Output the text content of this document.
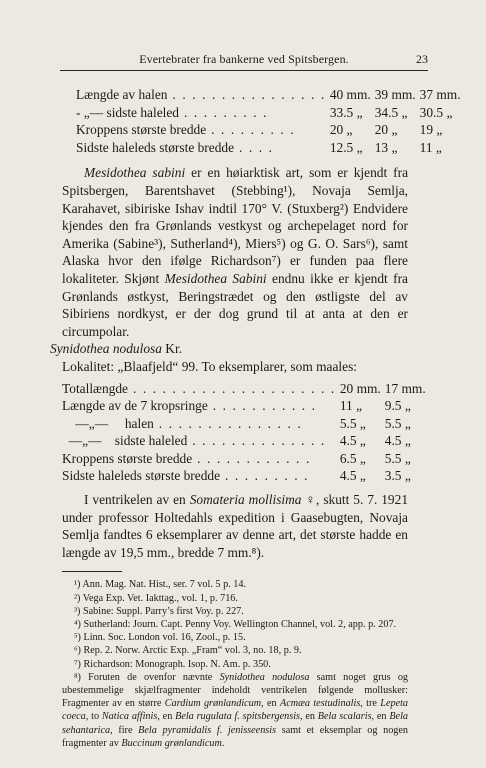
Evertebrater fra bankerne ved Spitsbergen.	23
Længde av halen . . . . . . . . . . . . . . . .	40 mm.	39 mm.	37 mm.
- „— sidste haleled . . . . . . . . .	33.5 „	34.5 „	30.5 „
Kroppens største bredde . . . . . . . . .	20 „	20 „	19 „
Sidste haleleds største bredde . . . .	12.5 „	13 „	11 „

Mesidothea sabini er en høiarktisk art, som er kjendt fra Spitsbergen, Barentshavet (Stebbing¹), Novaja Semlja, Karahavet, sibiriske Ishav indtil 170° V. (Stuxberg²) Endvidere kjendes den fra Grønlands vestkyst og archepelaget nord for Amerika (Sabine³), Sutherland⁴), Miers⁵) og G. O. Sars⁶), samt Alaska hvor den ifølge Richardson⁷) er funden paa flere lokaliteter. Skjønt Mesidothea Sabini endnu ikke er kjendt fra Grønlands østkyst, Beringstrædet og den østligste del av Sibiriens nordkyst, er der dog grund til at anta at den er circumpolar.

Synidothea nodulosa Kr.

Lokalitet: „Blaafjeld“ 99. To eksemplarer, som maales:

Totallængde . . . . . . . . . . . . . . . . . . . . .	20 mm.	17 mm.
Længde av de 7 kropsringe . . . . . . . . . . .	11 „	9.5 „
—„—     halen . . . . . . . . . . . . . . .	5.5 „	5.5 „
—„—    sidste haleled . . . . . . . . . . . . . .	4.5 „	4.5 „
Kroppens største bredde . . . . . . . . . . . .	6.5 „	5.5 „
Sidste haleleds største bredde . . . . . . . . .	4.5 „	3.5 „

I ventrikelen av en Somateria mollisima ♀, skutt 5. 7. 1921 under professor Holtedahls expedition i Gaasebugten, Novaja Semlja fandtes 6 eksemplarer av denne art, det største hadde en længde av 19,5 mm., bredde 7 mm.⁸).

¹) Ann. Mag. Nat. Hist., ser. 7 vol. 5 p. 14.

²) Vega Exp. Vet. Iakttag., vol. 1, p. 716.

³) Sabine: Suppl. Parry’s first Voy. p. 227.

⁴) Sutherland: Journ. Capt. Penny Voy. Wellington Channel, vol. 2, app. p. 207.

⁵) Linn. Soc. London vol. 16, Zool., p. 15.

⁶) Rep. 2. Norw. Arctic Exp. „Fram“ vol. 3, no. 18, p. 9.

⁷) Richardson: Monograph. Isop. N. Am. p. 350.

⁸) Foruten de ovenfor nævnte Synidothea nodulosa samt noget grus og ubestemmelige skjælfragmenter indeholdt ventrikelen følgende mollusker: Fragmenter av en større Cardium grønlandicum, en Acmæa testudinalis, tre Lepeta coeca, to Natica affinis, en Bela rugulata f. spitsbergensis, en Bela scalaris, en Bela sehantarica, fire Bela pyramidalis f. jenisseensis samt et eksemplar og nogen fragmenter av Buccinum grønlandicum.
